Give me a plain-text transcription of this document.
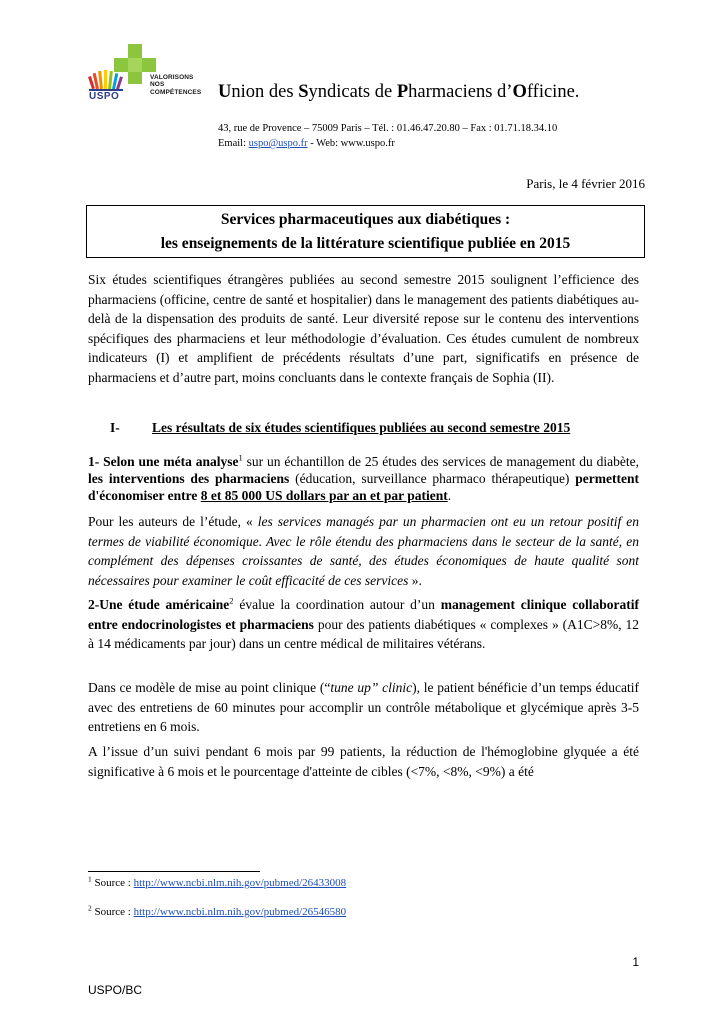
VALORISONS
NOS
COMPÉTENCES
USPO	Union des Syndicats de Pharmaciens d’Officine.
43, rue de Provence – 75009 Paris – Tél. : 01.46.47.20.80 – Fax : 01.71.18.34.10
Email: uspo@uspo.fr - Web: www.uspo.fr
Paris, le 4 février 2016
Services pharmaceutiques aux diabétiques :
les enseignements de la littérature scientifique publiée en 2015

Six études scientifiques étrangères publiées au second semestre 2015 soulignent l’efficience des pharmaciens (officine, centre de santé et hospitalier) dans le management des patients diabétiques au-delà de la dispensation des produits de santé. Leur diversité repose sur le contenu des interventions spécifiques des pharmaciens et leur méthodologie d’évaluation. Ces études cumulent de nombreux indicateurs (I) et amplifient de précédents résultats d’une part, significatifs en présence de pharmaciens et d’autre part, moins concluants dans le contexte français de Sophia (II).

I- Les résultats de six études scientifiques publiées au second semestre 2015

1- Selon une méta analyse$^1$ sur un échantillon de 25 études des services de management du diabète, les interventions des pharmaciens (éducation, surveillance pharmaco thérapeutique) permettent d'économiser entre 8 et 85 000 US dollars par an et par patient.

Pour les auteurs de l’étude, « les services managés par un pharmacien ont eu un retour positif en termes de viabilité économique. Avec le rôle étendu des pharmaciens dans le secteur de la santé, en complément des dépenses croissantes de santé, des études économiques de haute qualité sont nécessaires pour examiner le coût efficacité de ces services ».

2-Une étude américaine$^2$ évalue la coordination autour d’un management clinique collaboratif entre endocrinologistes et pharmaciens pour des patients diabétiques « complexes » (A1C>8%, 12 à 14 médicaments par jour) dans un centre médical de militaires vétérans.

Dans ce modèle de mise au point clinique (“tune up” clinic), le patient bénéficie d’un temps éducatif avec des entretiens de 60 minutes pour accomplir un contrôle métabolique et glycémique après 3-5 entretiens en 6 mois.

A l’issue d’un suivi pendant 6 mois par 99 patients, la réduction de l'hémoglobine glyquée a été significative à 6 mois et le pourcentage d'atteinte de cibles (<7%, <8%, <9%) a été

$^1$ Source : http://www.ncbi.nlm.nih.gov/pubmed/26433008
$^2$ Source : http://www.ncbi.nlm.nih.gov/pubmed/26546580
1
USPO/BC
